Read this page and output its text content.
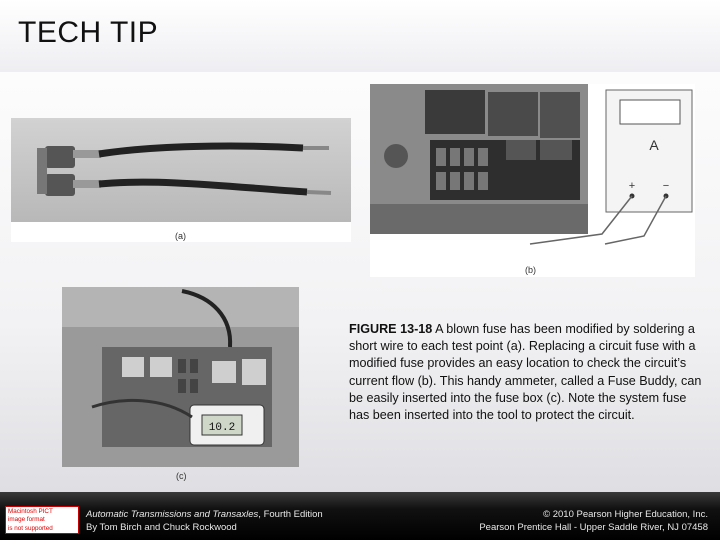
TECH TIP
(a)
A
+	−
(b)
10.2
(c)
FIGURE 13-18 A blown fuse has been modified by soldering a short wire to each test point (a). Replacing a circuit fuse with a modified fuse provides an easy location to check the circuit’s current flow (b). This handy ammeter, called a Fuse Buddy, can be easily inserted into the fuse box (c). Note the system fuse has been inserted into the tool to protect the circuit.
Automatic Transmissions and Transaxles, Fourth Edition
By Tom Birch and Chuck Rockwood
© 2010 Pearson Higher Education, Inc.
Pearson Prentice Hall - Upper Saddle River, NJ 07458
Macintosh PICT
image format
is not supported
